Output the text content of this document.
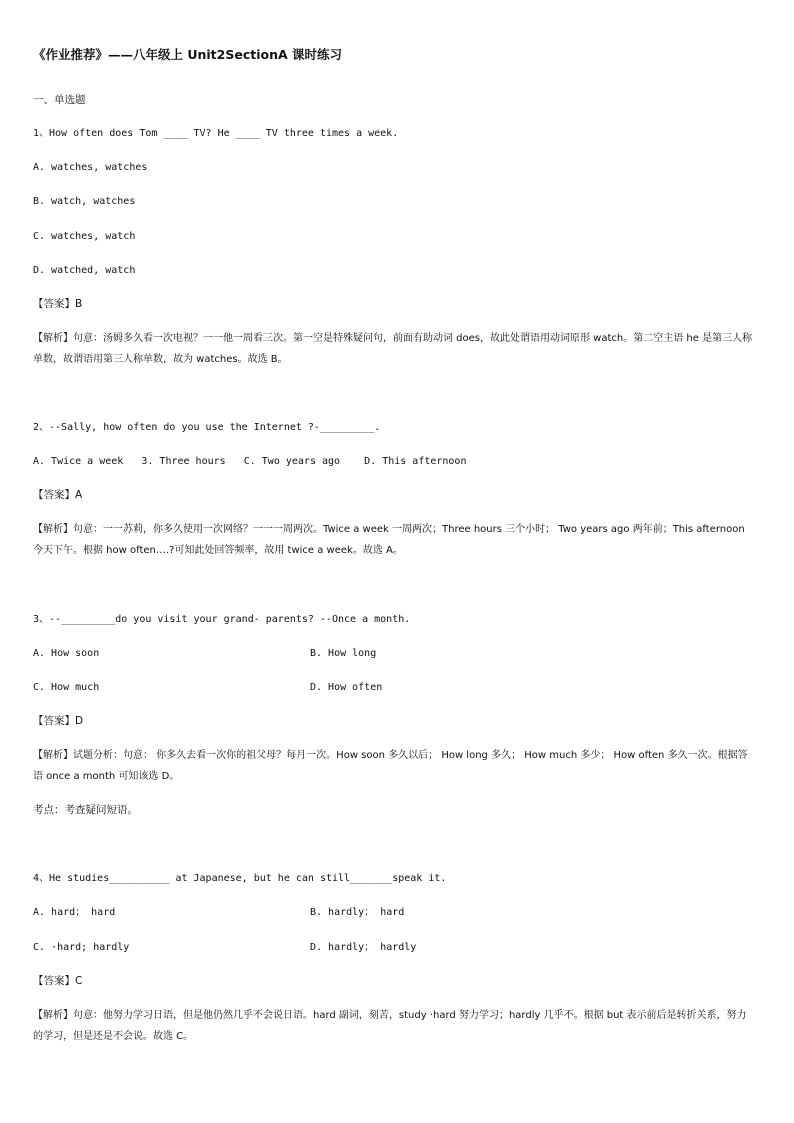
《作业推荐》——八年级上 Unit2SectionA 课时练习
一、单选题
1、How often does Tom ____ TV? He ____ TV three times a week.
A. watches, watches
B. watch, watches
C. watches, watch
D. watched, watch
【答案】B
【解析】句意：汤姆多久看一次电视？一一他一周看三次。第一空是特殊疑问句，前面有助动词 does，故此处谓语用动词原形 watch。第二空主语 he 是第三人称单数，故谓语用第三人称单数，故为 watches。故选 B。
2、--Sally, how often do you use the Internet ?-_________.
A. Twice a week   3. Three hours   C. Two years ago    D. This afternoon
【答案】A
【解析】句意：一一苏莉，你多久使用一次网络？一一一周两次。Twice a week 一周两次；Three hours 三个小时； Two years ago 两年前；This afternoon 今天下午。根据 how often….?可知此处回答频率，故用 twice a week。故选 A。
3、--_________do you visit your grand- parents? --Once a month.
A. How soon	B. How long
C. How much	D. How often
【答案】D
【解析】试题分析：句意： 你多久去看一次你的祖父母？每月一次。How soon 多久以后； How long 多久； How much 多少； How often 多久一次。根据答语 once a month 可知该选 D。
考点：考查疑问短语。
4、He studies__________ at Japanese, but he can still_______speak it.
A. hard； hard	B. hardly； hard
C. ·hard; hardly	D. hardly； hardly
【答案】C
【解析】句意：他努力学习日语，但是他仍然几乎不会说日语。hard 副词，刻苦，study ·hard 努力学习；hardly 几乎不。根据 but 表示前后是转折关系，努力的学习，但是还是不会说。故选 C。
